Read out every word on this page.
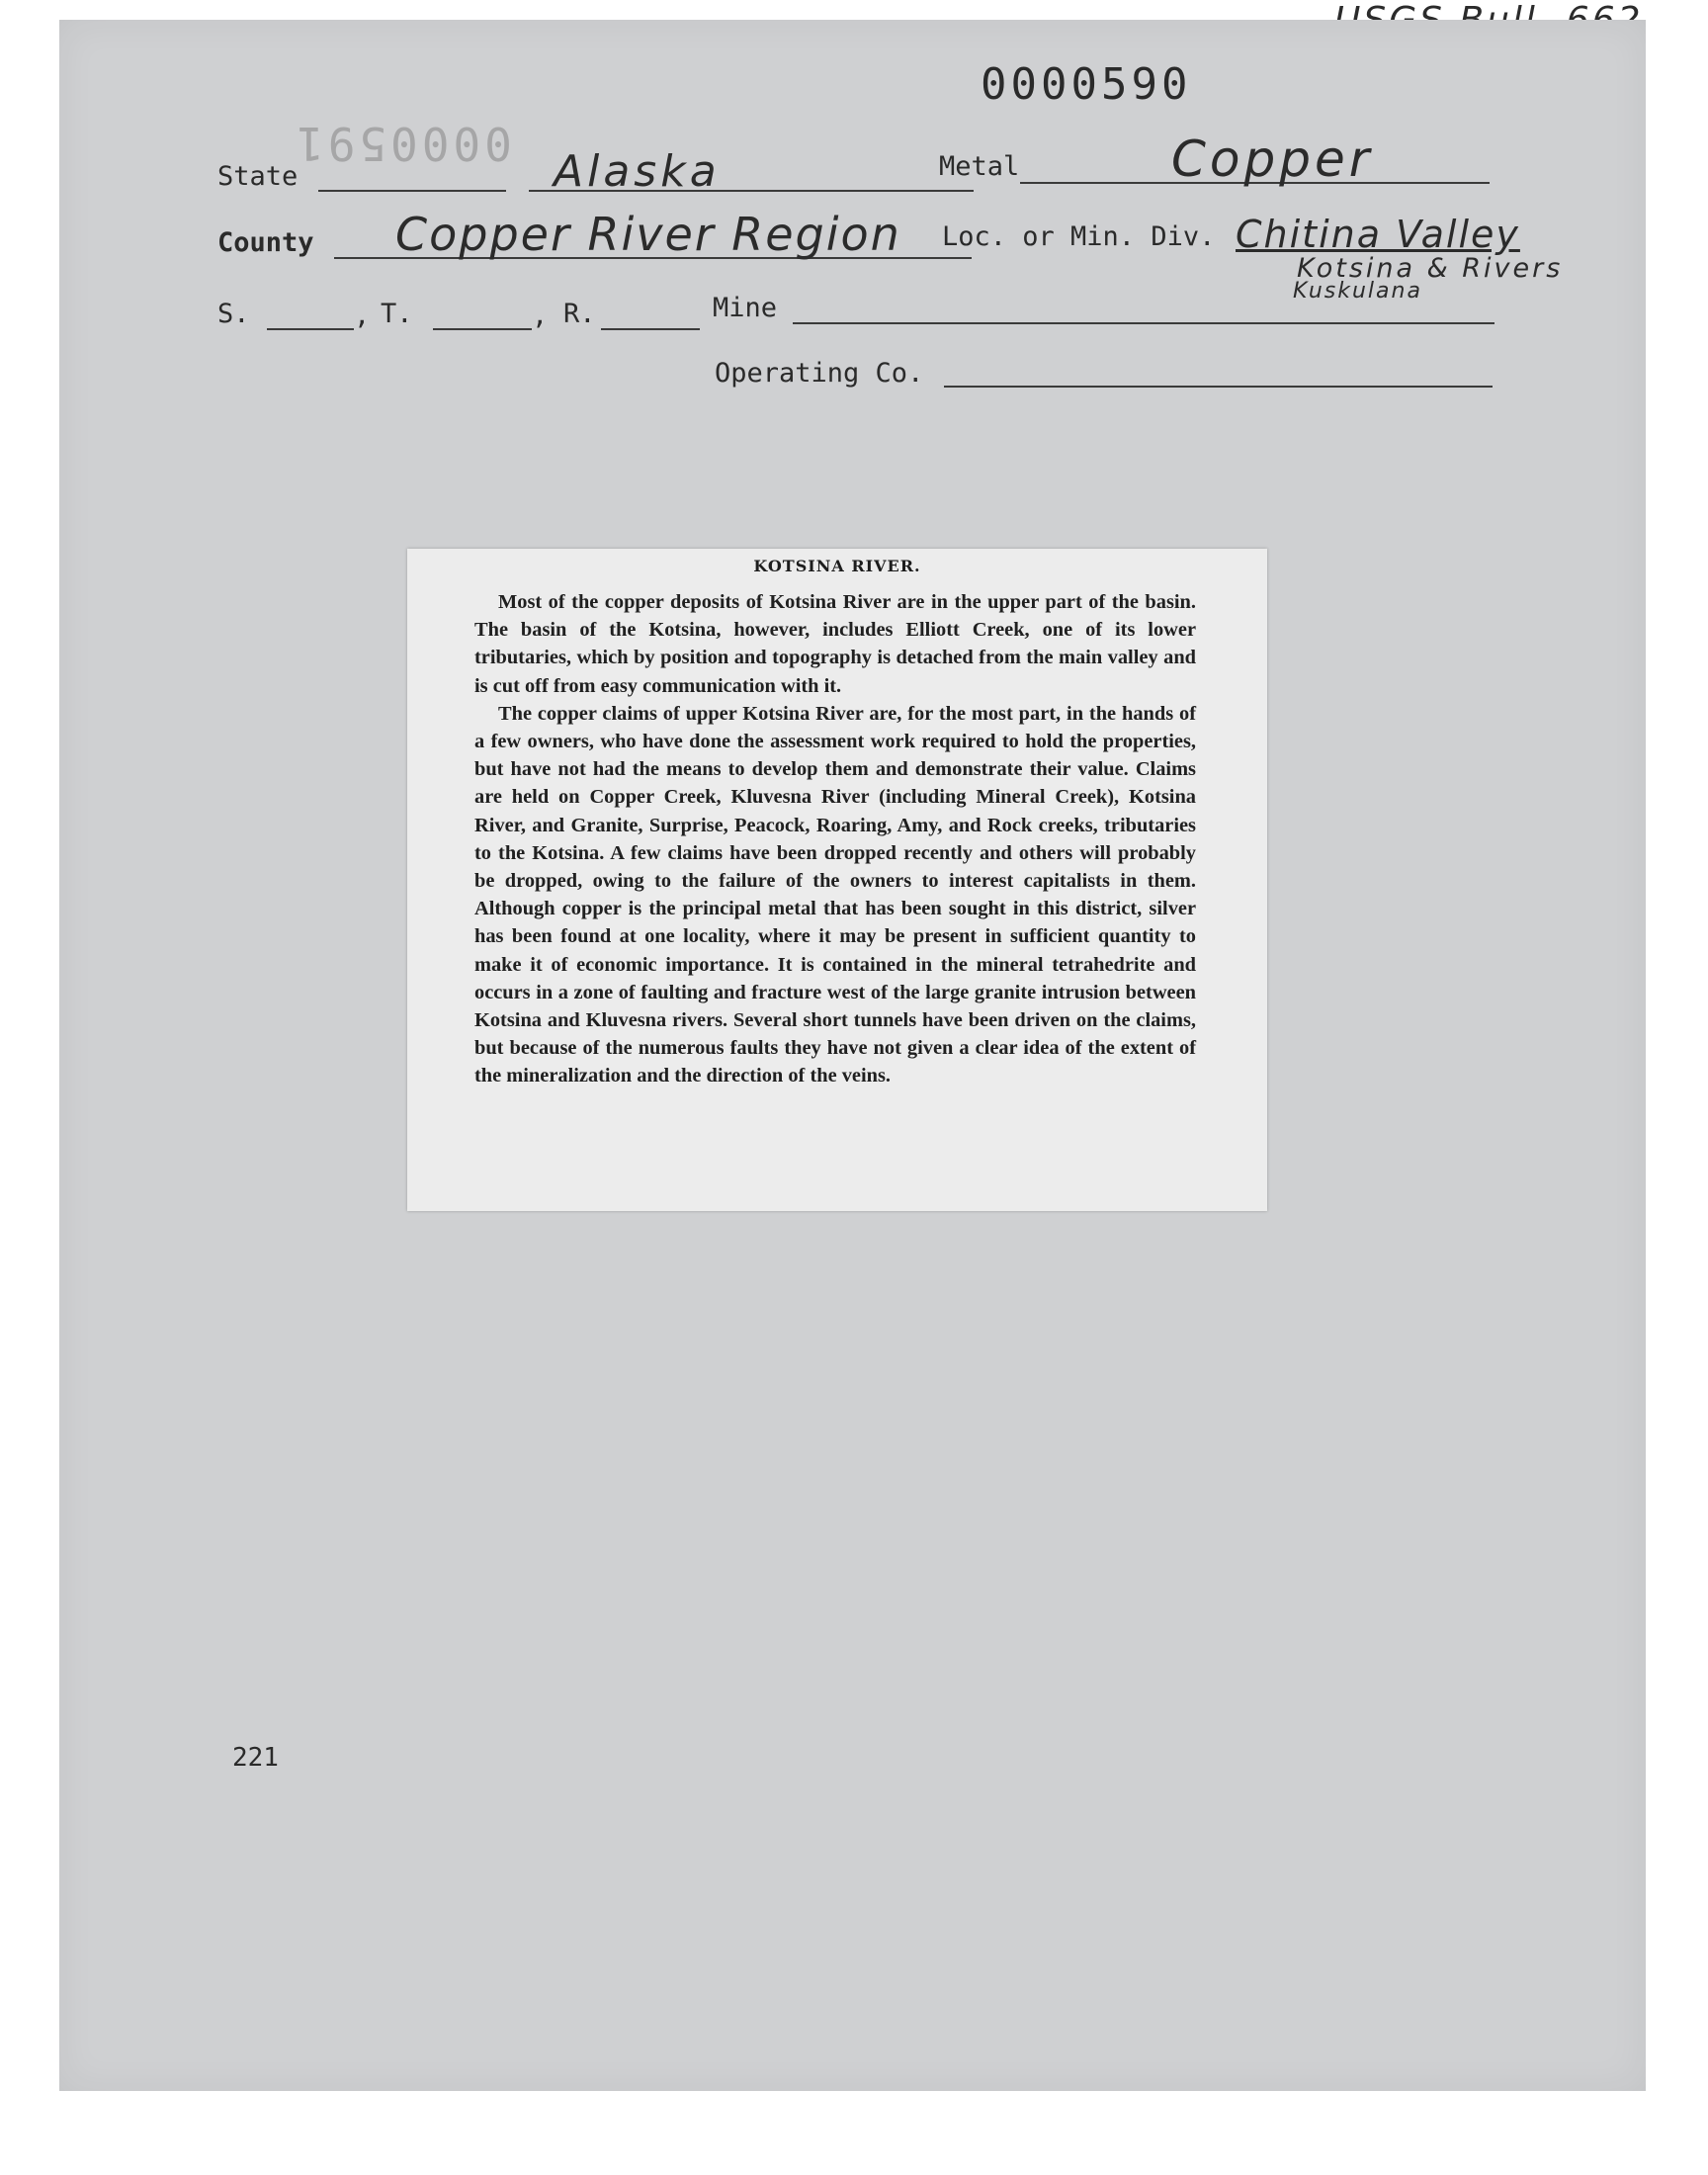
0000591
0000590
State	Alaska	Metal	Copper
County Copper River Region Loc. or Min. Div. Chitina Valley
Kotsina & Rivers
Kuskulana
S.	, T.	, R.	Mine
Operating Co.
221
KOTSINA RIVER.

Most of the copper deposits of Kotsina River are in the upper part of the basin. The basin of the Kotsina, however, includes Elliott Creek, one of its lower tributaries, which by position and topography is detached from the main valley and is cut off from easy communication with it.

The copper claims of upper Kotsina River are, for the most part, in the hands of a few owners, who have done the assessment work required to hold the properties, but have not had the means to develop them and demonstrate their value. Claims are held on Copper Creek, Kluvesna River (including Mineral Creek), Kotsina River, and Granite, Surprise, Peacock, Roaring, Amy, and Rock creeks, tributaries to the Kotsina. A few claims have been dropped recently and others will probably be dropped, owing to the failure of the owners to interest capitalists in them. Although copper is the principal metal that has been sought in this district, silver has been found at one locality, where it may be present in sufficient quantity to make it of economic importance. It is contained in the mineral tetrahedrite and occurs in a zone of faulting and fracture west of the large granite intrusion between Kotsina and Kluvesna rivers. Several short tunnels have been driven on the claims, but because of the numerous faults they have not given a clear idea of the extent of the mineralization and the direction of the veins.
